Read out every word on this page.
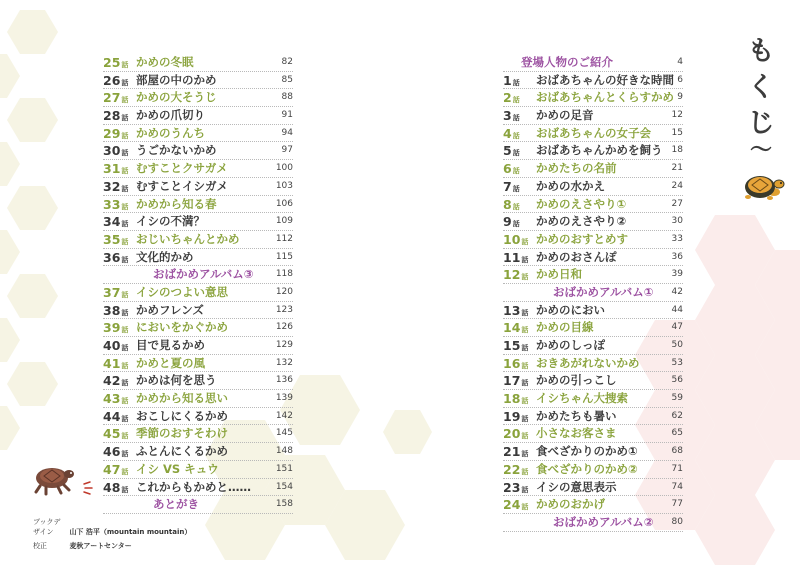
25話 かめの冬眠	82
26話 部屋の中のかめ	85
27話 かめの大そうじ	88
28話 かめの爪切り	91
29話 かめのうんち	94
30話 うごかないかめ	97
31話 むすことクサガメ	100
32話 むすことイシガメ	103
33話 かめから知る春	106
34話 イシの不満？	109
35話 おじいちゃんとかめ	112
36話 文化的かめ	115
おばかめアルバム③ 118
37話 イシのつよい意思	120
38話 かめフレンズ	123
39話 においをかぐかめ	126
40話 目で見るかめ	129
41話 かめと夏の風	132
42話 かめは何を思う	136
43話 かめから知る思い	139
44話 おこしにくるかめ	142
45話 季節のおすそわけ	145
46話 ふとんにくるかめ	148
47話 イシ VS キュウ	151
48話 これからもかめと……	154
あとがき	158
登場人物のご紹介	4
1話	おばあちゃんの好きな時間 6
2話	おばあちゃんとくらすかめ 9
3話	かめの足音	12
4話	おばあちゃんの女子会 15
5話	おばあちゃんかめを飼う 18
6話	かめたちの名前	21
7話	かめの水かえ	24
8話	かめのえさやり①	27
9話	かめのえさやり②	30
10話 かめのおすとめす	33
11話 かめのおさんぽ	36
12話 かめ日和	39
おばかめアルバム① 42
13話 かめのにおい	44
14話 かめの目線	47
15話 かめのしっぽ	50
16話 おきあがれないかめ	53
17話 かめの引っこし	56
18話 イシちゃん大捜索	59
19話 かめたちも暑い	62
20話 小さなお客さま	65
21話 食べざかりのかめ①	68
22話 食べざかりのかめ②	71
23話 イシの意思表示	74
24話 かめのおかげ	77
おばかめアルバム② 80
も
く
じ
〜
ブックデザイン 山下 浩平（mountain mountain）
校正	麦秋アートセンター
